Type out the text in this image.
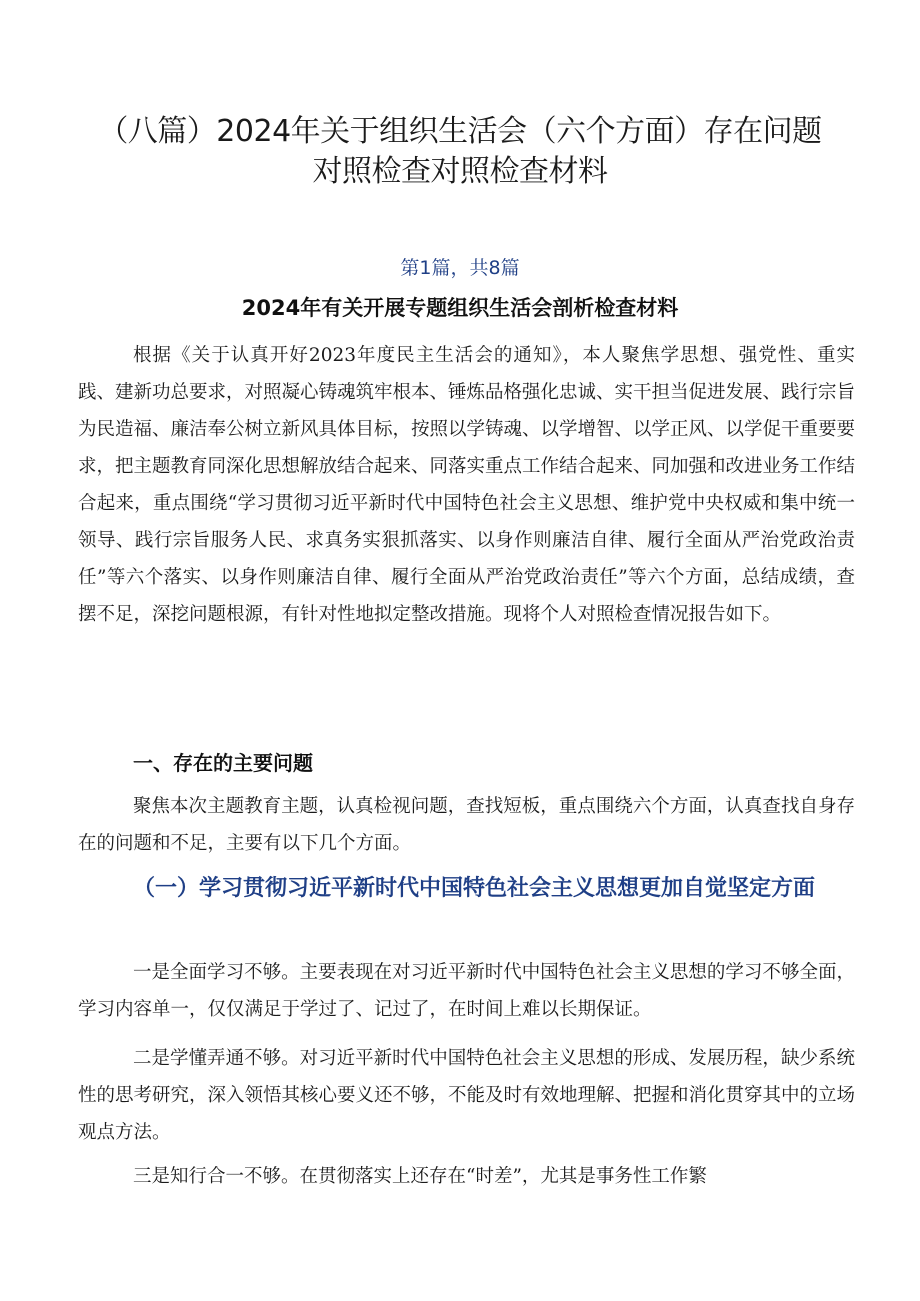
（八篇）2024年关于组织生活会（六个方面）存在问题
对照检查对照检查材料

第1篇，共8篇

2024年有关开展专题组织生活会剖析检查材料

根据《关于认真开好2023年度民主生活会的通知》，本人聚焦学思想、强党性、重实践、建新功总要求，对照凝心铸魂筑牢根本、锤炼品格强化忠诚、实干担当促进发展、践行宗旨为民造福、廉洁奉公树立新风具体目标，按照以学铸魂、以学增智、以学正风、以学促干重要要求，把主题教育同深化思想解放结合起来、同落实重点工作结合起来、同加强和改进业务工作结合起来，重点围绕“学习贯彻习近平新时代中国特色社会主义思想、维护党中央权威和集中统一领导、践行宗旨服务人民、求真务实狠抓落实、以身作则廉洁自律、履行全面从严治党政治责任”等六个落实、以身作则廉洁自律、履行全面从严治党政治责任”等六个方面，总结成绩，查摆不足，深挖问题根源，有针对性地拟定整改措施。现将个人对照检查情况报告如下。

一、存在的主要问题

聚焦本次主题教育主题，认真检视问题，查找短板，重点围绕六个方面，认真查找自身存在的问题和不足，主要有以下几个方面。

（一）学习贯彻习近平新时代中国特色社会主义思想更加自觉坚定方面

一是全面学习不够。主要表现在对习近平新时代中国特色社会主义思想的学习不够全面，学习内容单一，仅仅满足于学过了、记过了，在时间上难以长期保证。

二是学懂弄通不够。对习近平新时代中国特色社会主义思想的形成、发展历程，缺少系统性的思考研究，深入领悟其核心要义还不够，不能及时有效地理解、把握和消化贯穿其中的立场观点方法。

三是知行合一不够。在贯彻落实上还存在“时差”，尤其是事务性工作繁
